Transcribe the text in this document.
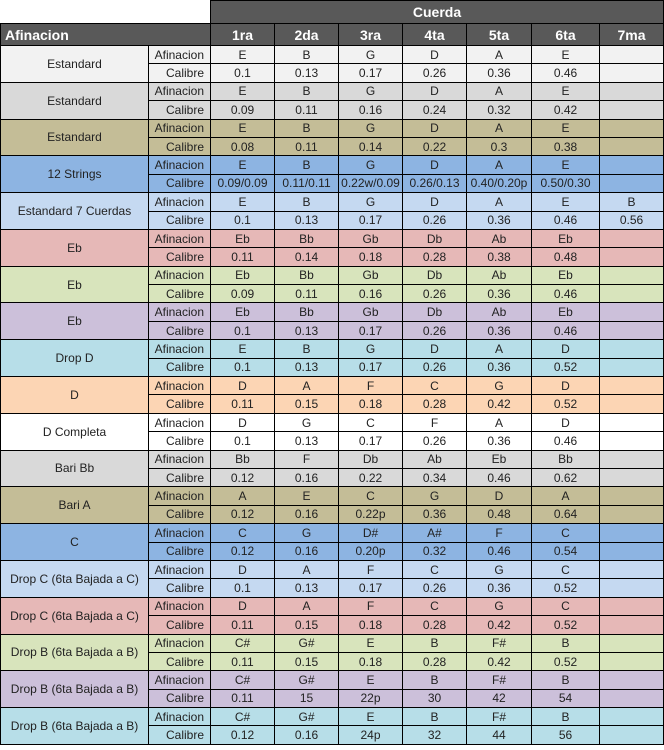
		Cuerda						
Afinacion		1ra	2da	3ra	4ta	5ta	6ta	7ma
Estandard	Afinacion	E	B	G	D	A	E	
	Calibre	0.1	0.13	0.17	0.26	0.36	0.46	
Estandard	Afinacion	E	B	G	D	A	E	
	Calibre	0.09	0.11	0.16	0.24	0.32	0.42	
Estandard	Afinacion	E	B	G	D	A	E	
	Calibre	0.08	0.11	0.14	0.22	0.3	0.38	
12 Strings	Afinacion	E	B	G	D	A	E	
	Calibre	0.09/0.09	0.11/0.11	0.22w/0.09	0.26/0.13	0.40/0.20p	0.50/0.30	
Estandard 7 Cuerdas	Afinacion	E	B	G	D	A	E	B
	Calibre	0.1	0.13	0.17	0.26	0.36	0.46	0.56
Eb	Afinacion	Eb	Bb	Gb	Db	Ab	Eb	
	Calibre	0.11	0.14	0.18	0.28	0.38	0.48	
Eb	Afinacion	Eb	Bb	Gb	Db	Ab	Eb	
	Calibre	0.09	0.11	0.16	0.26	0.36	0.46	
Eb	Afinacion	Eb	Bb	Gb	Db	Ab	Eb	
	Calibre	0.1	0.13	0.17	0.26	0.36	0.46	
Drop D	Afinacion	E	B	G	D	A	D	
	Calibre	0.1	0.13	0.17	0.26	0.36	0.52	
D	Afinacion	D	A	F	C	G	D	
	Calibre	0.11	0.15	0.18	0.28	0.42	0.52	
D Completa	Afinacion	D	G	C	F	A	D	
	Calibre	0.1	0.13	0.17	0.26	0.36	0.46	
Bari Bb	Afinacion	Bb	F	Db	Ab	Eb	Bb	
	Calibre	0.12	0.16	0.22	0.34	0.46	0.62	
Bari A	Afinacion	A	E	C	G	D	A	
	Calibre	0.12	0.16	0.22p	0.36	0.48	0.64	
C	Afinacion	C	G	D#	A#	F	C	
	Calibre	0.12	0.16	0.20p	0.32	0.46	0.54	
Drop C (6ta Bajada a C)	Afinacion	D	A	F	C	G	C	
	Calibre	0.1	0.13	0.17	0.26	0.36	0.52	
Drop C (6ta Bajada a C)	Afinacion	D	A	F	C	G	C	
	Calibre	0.11	0.15	0.18	0.28	0.42	0.52	
Drop B (6ta Bajada a B)	Afinacion	C#	G#	E	B	F#	B	
	Calibre	0.11	0.15	0.18	0.28	0.42	0.52	
Drop B (6ta Bajada a B)	Afinacion	C#	G#	E	B	F#	B	
	Calibre	0.11	15	22p	30	42	54	
Drop B (6ta Bajada a B)	Afinacion	C#	G#	E	B	F#	B	
	Calibre	0.12	0.16	24p	32	44	56	
